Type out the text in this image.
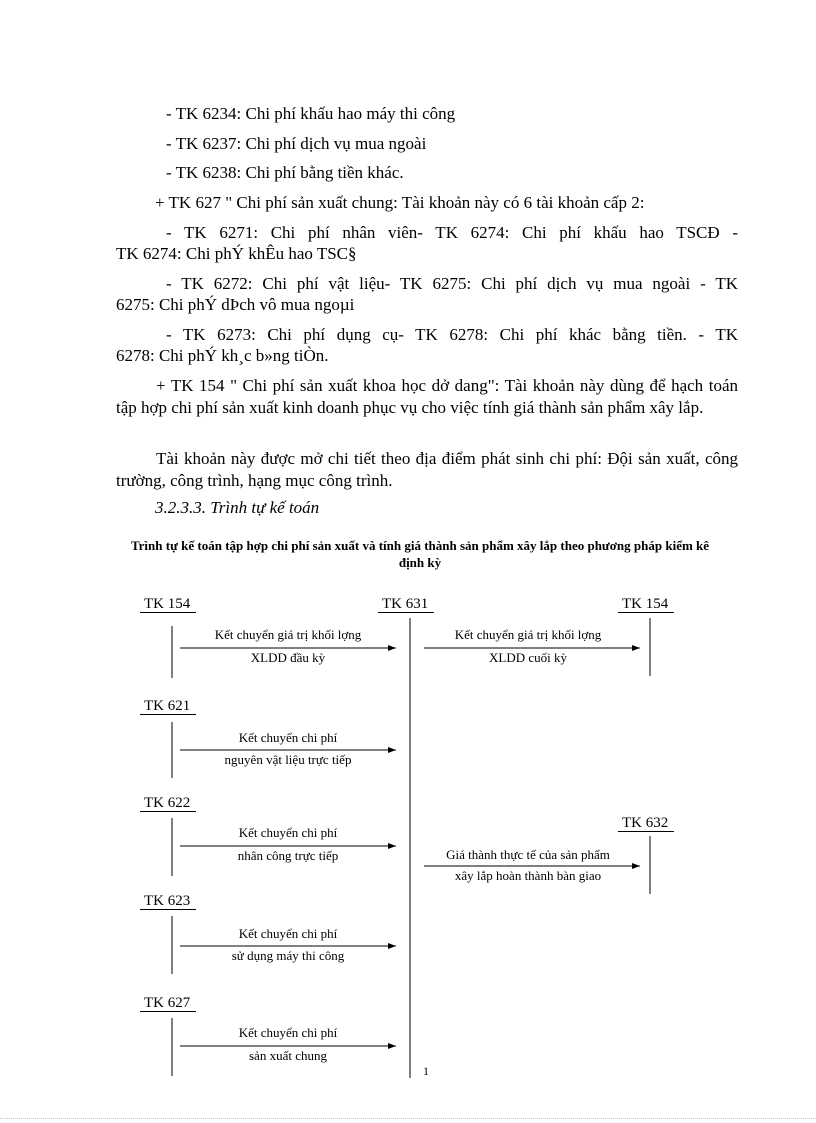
- TK 6234: Chi phí khấu hao máy thi công
- TK 6237: Chi phí dịch vụ mua ngoài
- TK 6238: Chi phí bằng tiền khác.
+ TK 627 " Chi phí sản xuất chung: Tài khoản này có 6 tài khoản cấp 2:
- TK 6271: Chi phí nhân viên- TK 6274: Chi phí khấu hao TSCĐ -
TK 6274: Chi phÝ khÊu hao TSC§
- TK 6272: Chi phí vật liệu- TK 6275: Chi phí dịch vụ mua ngoài - TK
6275: Chi phÝ dÞch vô mua ngoµi
- TK 6273: Chi phí dụng cụ- TK 6278: Chi phí khác bằng tiền. - TK
6278: Chi phÝ kh¸c b»ng tiÒn.
+ TK 154 " Chi phí sản xuất khoa học dở dang": Tài khoản này dùng để hạch toán tập hợp chi phí sản xuất kinh doanh phục vụ cho việc tính giá thành sản phẩm xây lắp.
Tài khoản này được mở chi tiết theo địa điểm phát sinh chi phí: Đội sản xuất, công trường, công trình, hạng mục công trình.
3.2.3.3. Trình tự kế toán
Trình tự kế toán tập hợp chi phí sản xuất và tính giá thành sản phẩm xây lắp theo phương pháp kiểm kê định kỳ
TK 154	TK 631	TK 154
TK 621
TK 622
TK 632
TK 623
TK 627
Kết chuyển giá trị khối lợng
XLDD đầu kỳ
Kết chuyển giá trị khối lợng
XLDD cuối kỳ
Kết chuyển chi phí
nguyên vật liệu trực tiếp
Kết chuyển chi phí
nhân công trực tiếp	Giá thành thực tế của sản phẩm
xây lắp hoàn thành bàn giao
Kết chuyển chi phí
sử dụng máy thi công
Kết chuyển chi phí
sản xuất chung
1
